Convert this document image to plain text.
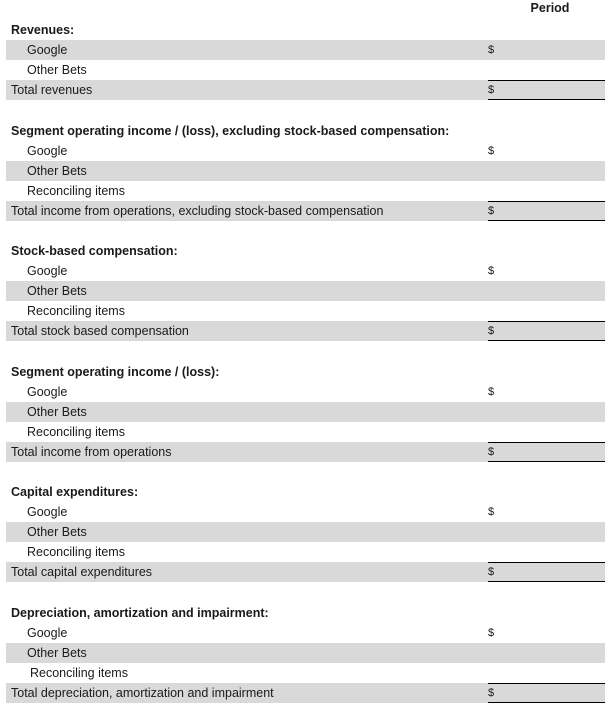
Period
Revenues:
Google	$
Other Bets
Total revenues	$
Segment operating income / (loss), excluding stock-based compensation:
Google	$
Other Bets
Reconciling items
Total income from operations, excluding stock-based compensation	$
Stock-based compensation:
Google	$
Other Bets
Reconciling items
Total stock based compensation	$
Segment operating income / (loss):
Google	$
Other Bets
Reconciling items
Total income from operations	$
Capital expenditures:
Google	$
Other Bets
Reconciling items
Total capital expenditures	$
Depreciation, amortization and impairment:
Google	$
Other Bets
Reconciling items
Total depreciation, amortization and impairment	$
